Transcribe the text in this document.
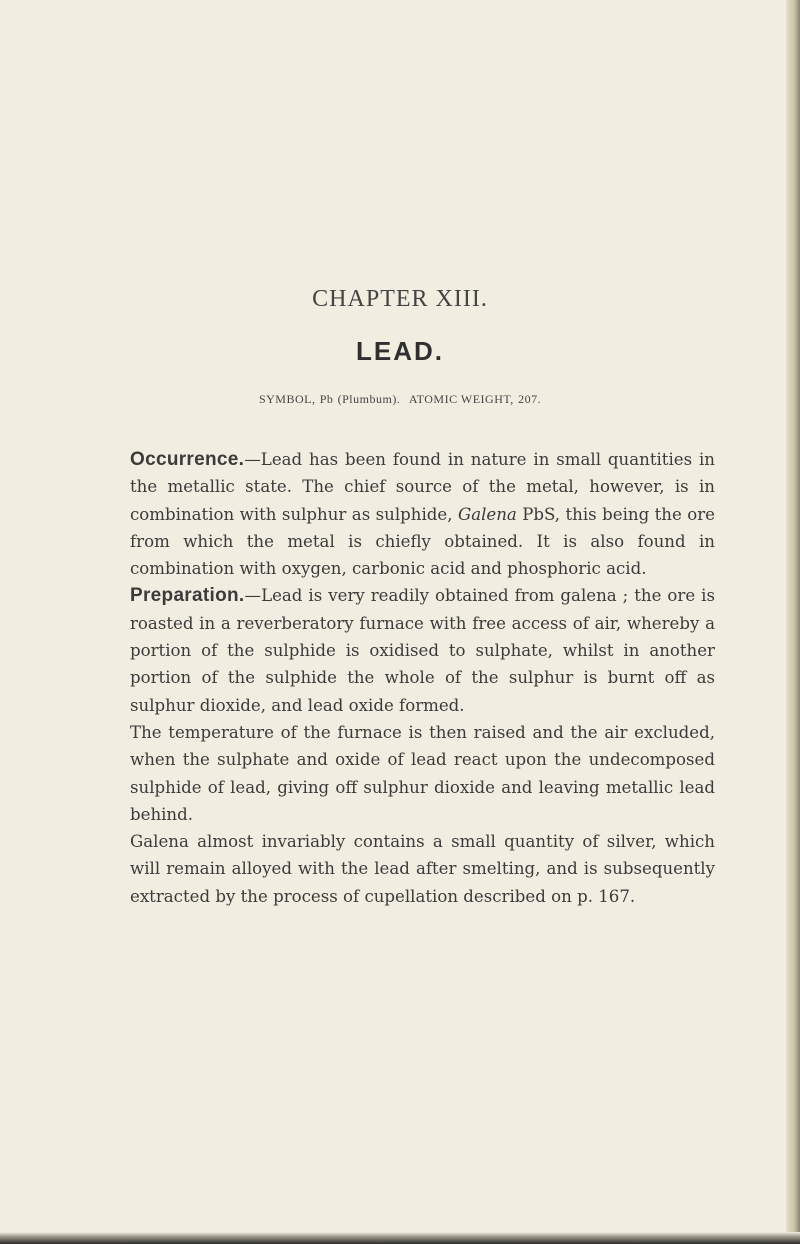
CHAPTER XIII.
LEAD.
SYMBOL, Pb (Plumbum). ATOMIC WEIGHT, 207.

Occurrence.—Lead has been found in nature in small quantities in the metallic state. The chief source of the metal, however, is in combination with sulphur as sulphide, Galena PbS, this being the ore from which the metal is chiefly obtained. It is also found in combination with oxygen, carbonic acid and phosphoric acid.

Preparation.—Lead is very readily obtained from galena ; the ore is roasted in a reverberatory furnace with free access of air, whereby a portion of the sulphide is oxidised to sulphate, whilst in another portion of the sulphide the whole of the sulphur is burnt off as sulphur dioxide, and lead oxide formed.

The temperature of the furnace is then raised and the air excluded, when the sulphate and oxide of lead react upon the undecomposed sulphide of lead, giving off sulphur dioxide and leaving metallic lead behind.

Galena almost invariably contains a small quantity of silver, which will remain alloyed with the lead after smelting, and is subsequently extracted by the process of cupellation described on p. 167.
